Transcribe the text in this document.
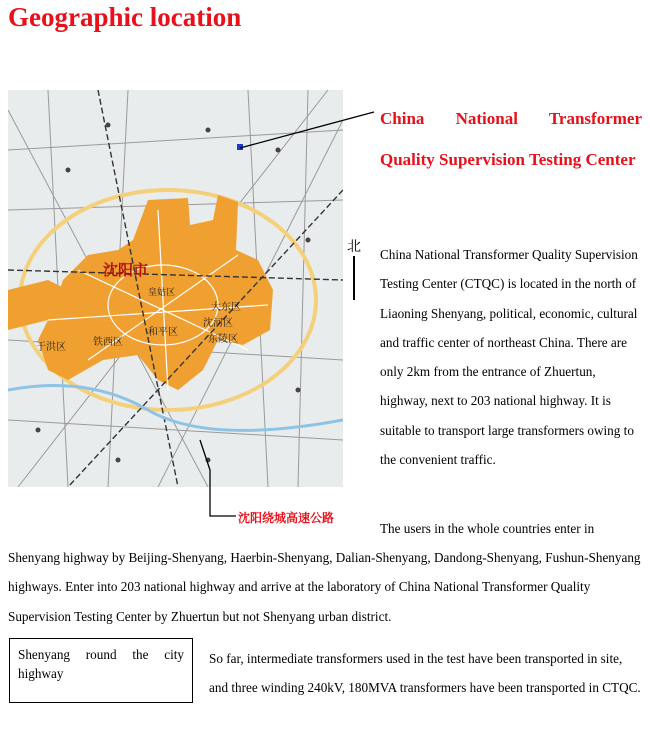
Geographic location
沈阳市
大东区
沈河区
和平区
铁西区
于洪区
东陵区
皇姑区
沈阳绕城高速公路
北
China National Transformer Quality Supervision Testing Center
China National Transformer Quality Supervision Testing Center (CTQC) is located in the north of Liaoning Shenyang, political, economic, cultural and traffic center of northeast China. There are only 2km from the entrance of Zhuertun, highway, next to 203 national highway. It is suitable to transport large transformers owing to the convenient traffic.
The users in the whole countries enter in
Shenyang highway by Beijing-Shenyang, Haerbin-Shenyang, Dalian-Shenyang, Dandong-Shenyang, Fushun-Shenyang highways. Enter into 203 national highway and arrive at the laboratory of China National Transformer Quality Supervision Testing Center by Zhuertun but not Shenyang urban district.
Shenyang round the city highway
So far, intermediate transformers used in the test have been transported in site, and three winding 240kV, 180MVA transformers have been transported in CTQC.
